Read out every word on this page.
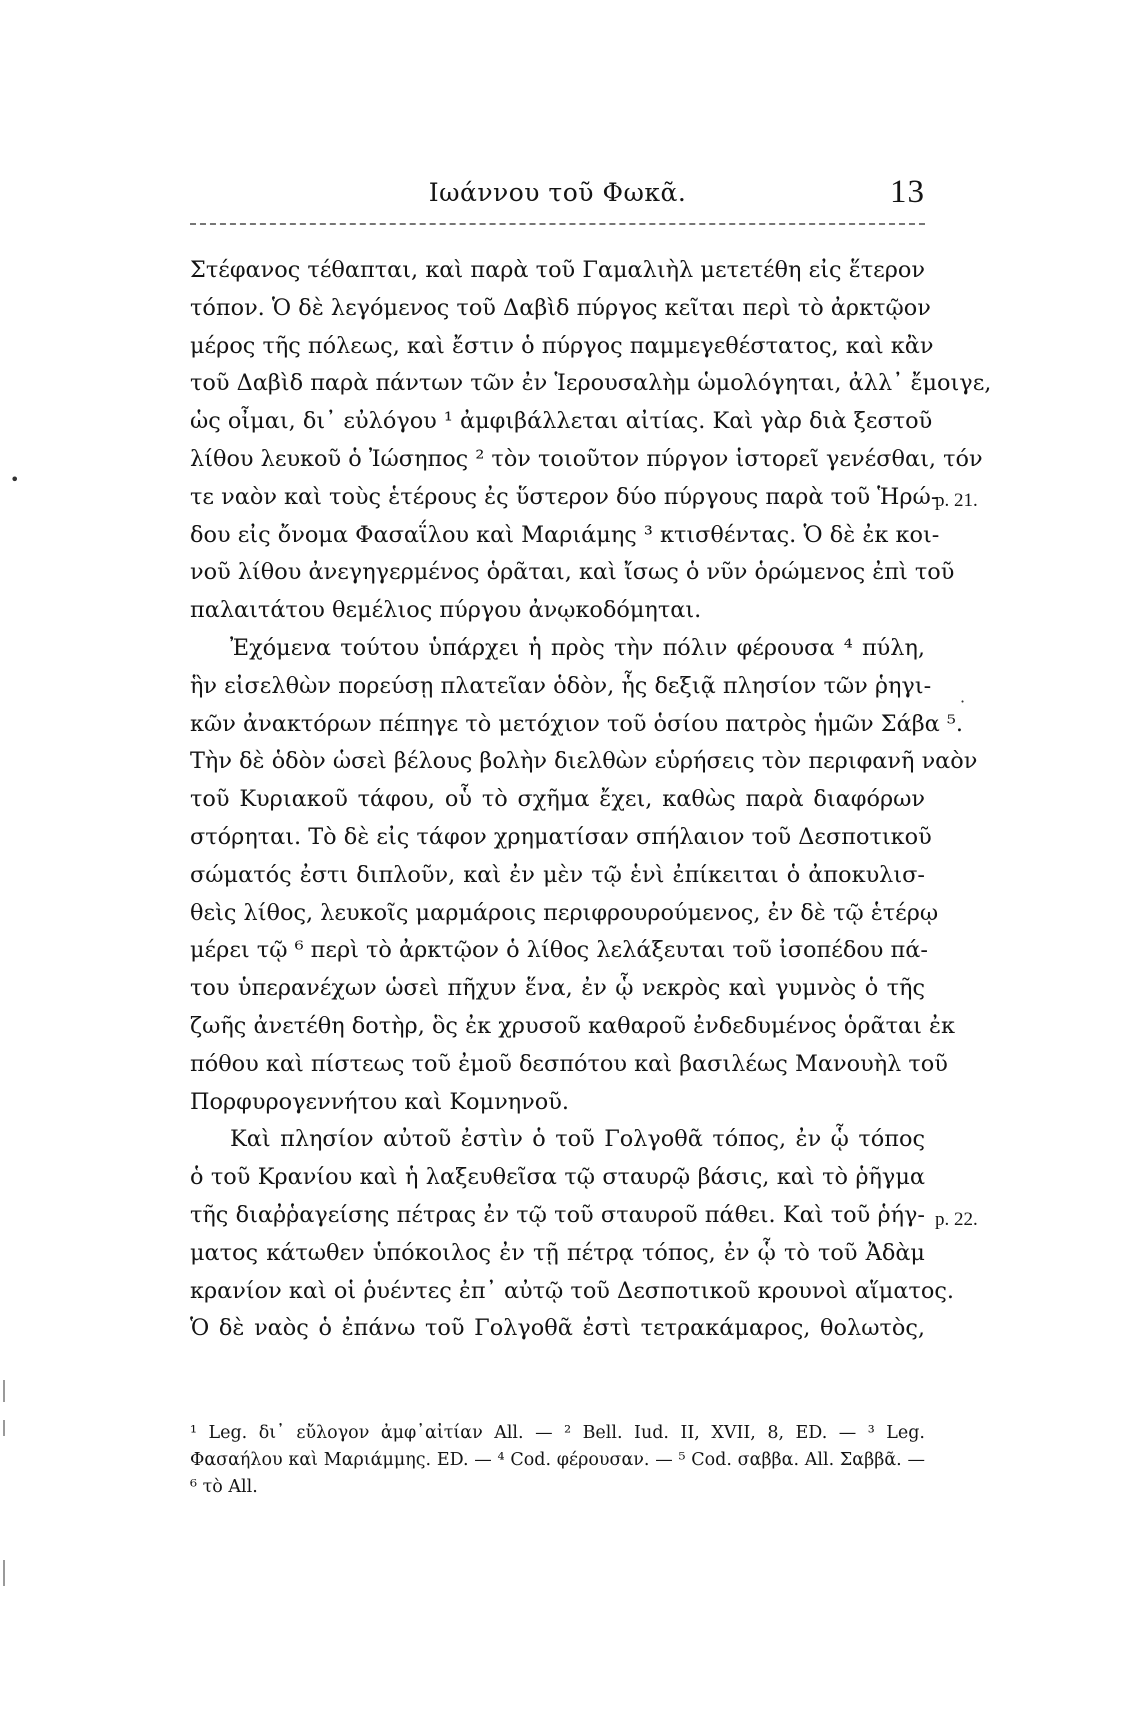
Ιωάννου τοῦ Φωκᾶ.	13
•
·
Στέφανος τέθαπται, καὶ παρὰ τοῦ Γαμαλιὴλ μετετέθη εἰς ἕτερον
τόπον. Ὁ δὲ λεγόμενος τοῦ Δαβὶδ πύργος κεῖται περὶ τὸ ἀρκτῷον
μέρος τῆς πόλεως, καὶ ἔστιν ὁ πύργος παμμεγεθέστατος, καὶ κἂν
τοῦ Δαβὶδ παρὰ πάντων τῶν ἐν Ἱερουσαλὴμ ὡμολόγηται, ἀλλ᾽ ἔμοιγε,
ὡς οἶμαι, δι᾽ εὐλόγου ¹ ἀμφιβάλλεται αἰτίας. Καὶ γὰρ διὰ ξεστοῦ
λίθου λευκοῦ ὁ Ἰώσηπος ² τὸν τοιοῦτον πύργον ἱστορεῖ γενέσθαι, τόν
τε ναὸν καὶ τοὺς ἑτέρους ἐς ὕστερον δύο πύργους παρὰ τοῦ Ἡρώ-
δου εἰς ὄνομα Φασαΐλου καὶ Μαριάμης ³ κτισθέντας. Ὁ δὲ ἐκ κοι-
νοῦ λίθου ἀνεγηγερμένος ὁρᾶται, καὶ ἴσως ὁ νῦν ὁρώμενος ἐπὶ τοῦ
παλαιτάτου θεμέλιος πύργου ἀνῳκοδόμηται.
Ἐχόμενα τούτου ὑπάρχει ἡ πρὸς τὴν πόλιν φέρουσα ⁴ πύλη,
ἣν εἰσελθὼν πορεύσῃ πλατεῖαν ὁδὸν, ἧς δεξιᾷ πλησίον τῶν ῥηγι-
κῶν ἀνακτόρων πέπηγε τὸ μετόχιον τοῦ ὁσίου πατρὸς ἡμῶν Σάβα ⁵.
Τὴν δὲ ὁδὸν ὡσεὶ βέλους βολὴν διελθὼν εὑρήσεις τὸν περιφανῆ ναὸν
τοῦ Κυριακοῦ τάφου, οὗ τὸ σχῆμα ἔχει, καθὼς παρὰ διαφόρων
στόρηται. Τὸ δὲ εἰς τάφον χρηματίσαν σπήλαιον τοῦ Δεσποτικοῦ
σώματός ἐστι διπλοῦν, καὶ ἐν μὲν τῷ ἑνὶ ἐπίκειται ὁ ἀποκυλισ-
θεὶς λίθος, λευκοῖς μαρμάροις περιφρουρούμενος, ἐν δὲ τῷ ἑτέρῳ
μέρει τῷ ⁶ περὶ τὸ ἀρκτῷον ὁ λίθος λελάξευται τοῦ ἰσοπέδου πά-
του ὑπερανέχων ὡσεὶ πῆχυν ἕνα, ἐν ᾧ νεκρὸς καὶ γυμνὸς ὁ τῆς
ζωῆς ἀνετέθη δοτὴρ, ὃς ἐκ χρυσοῦ καθαροῦ ἐνδεδυμένος ὁρᾶται ἐκ
πόθου καὶ πίστεως τοῦ ἐμοῦ δεσπότου καὶ βασιλέως Μανουὴλ τοῦ
Πορφυρογεννήτου καὶ Κομνηνοῦ.
Καὶ πλησίον αὐτοῦ ἐστὶν ὁ τοῦ Γολγοθᾶ τόπος, ἐν ᾧ τόπος
ὁ τοῦ Κρανίου καὶ ἡ λαξευθεῖσα τῷ σταυρῷ βάσις, καὶ τὸ ῥῆγμα
τῆς διαῤῥαγείσης πέτρας ἐν τῷ τοῦ σταυροῦ πάθει. Καὶ τοῦ ῥήγ-
ματος κάτωθεν ὑπόκοιλος ἐν τῇ πέτρᾳ τόπος, ἐν ᾧ τὸ τοῦ Ἀδὰμ
κρανίον καὶ οἱ ῥυέντες ἐπ᾽ αὐτῷ τοῦ Δεσποτικοῦ κρουνοὶ αἵματος.
Ὁ δὲ ναὸς ὁ ἐπάνω τοῦ Γολγοθᾶ ἐστὶ τετρακάμαρος, θολωτὸς,
p. 21.
p. 22.
¹ Leg. δι᾽ εὔλογον ἀμφ᾽αἰτίαν All. — ² Bell. Iud. II, XVII, 8, ED. — ³ Leg.
Φασαήλου καὶ Μαριάμμης. ED. — ⁴ Cod. φέρουσαν. — ⁵ Cod. σαββα. All. Σαββᾶ. —
⁶ τὸ All.
